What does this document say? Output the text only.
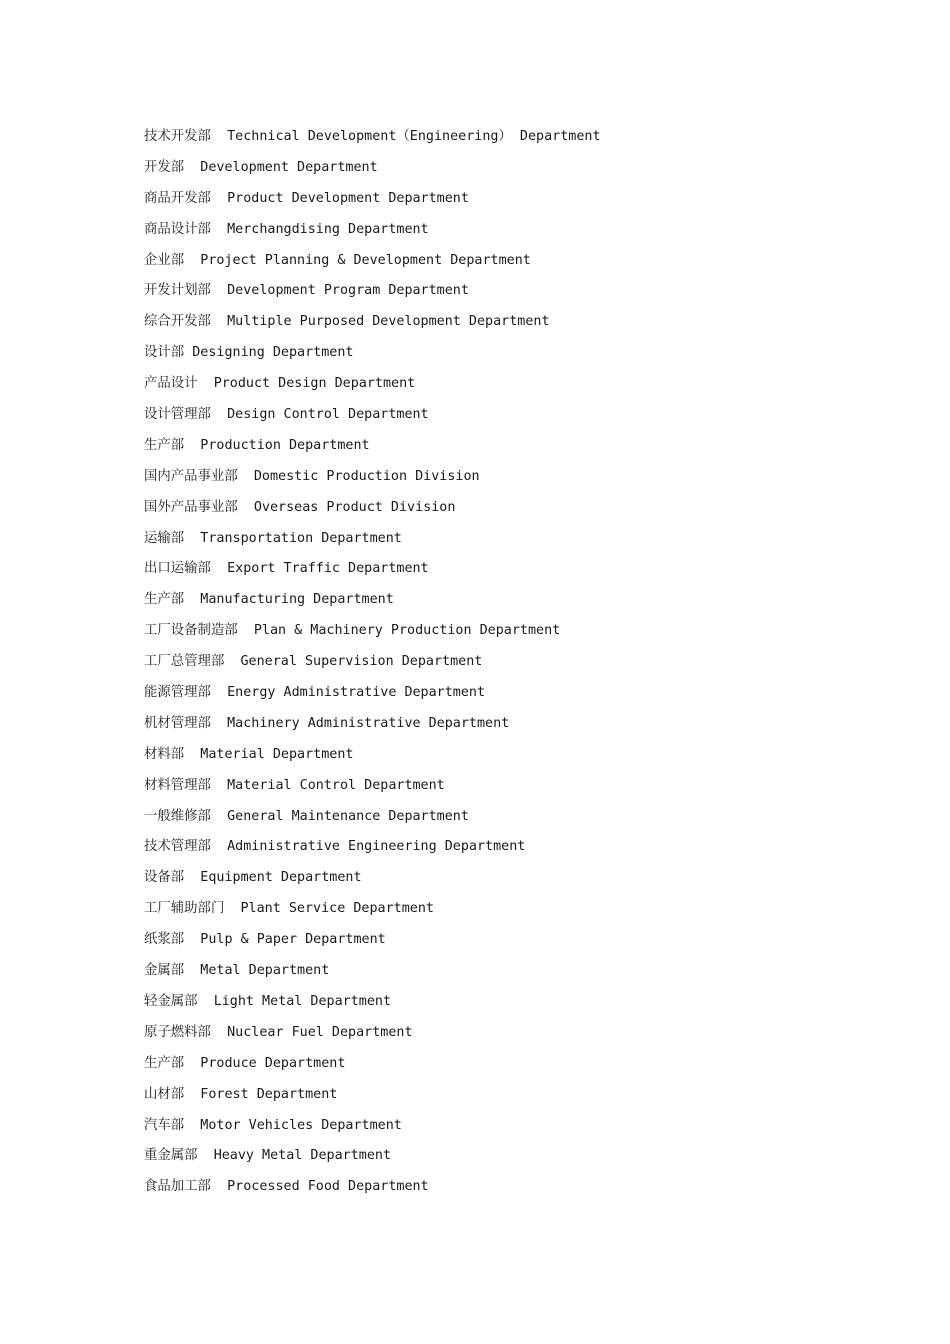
技术开发部 Technical Development（Engineering） Department
开发部 Development Department
商品开发部 Product Development Department
商品设计部 Merchangdising Department
企业部 Project Planning & Development Department
开发计划部 Development Program Department
综合开发部 Multiple Purposed Development Department
设计部 Designing Department
产品设计 Product Design Department
设计管理部 Design Control Department
生产部 Production Department
国内产品事业部 Domestic Production Division
国外产品事业部 Overseas Product Division
运输部 Transportation Department
出口运输部 Export Traffic Department
生产部 Manufacturing Department
工厂设备制造部 Plan & Machinery Production Department
工厂总管理部 General Supervision Department
能源管理部 Energy Administrative Department
机材管理部 Machinery Administrative Department
材料部 Material Department
材料管理部 Material Control Department
一般维修部 General Maintenance Department
技术管理部 Administrative Engineering Department
设备部 Equipment Department
工厂辅助部门 Plant Service Department
纸浆部 Pulp & Paper Department
金属部 Metal Department
轻金属部 Light Metal Department
原子燃料部 Nuclear Fuel Department
生产部 Produce Department
山材部 Forest Department
汽车部 Motor Vehicles Department
重金属部 Heavy Metal Department
食品加工部 Processed Food Department
